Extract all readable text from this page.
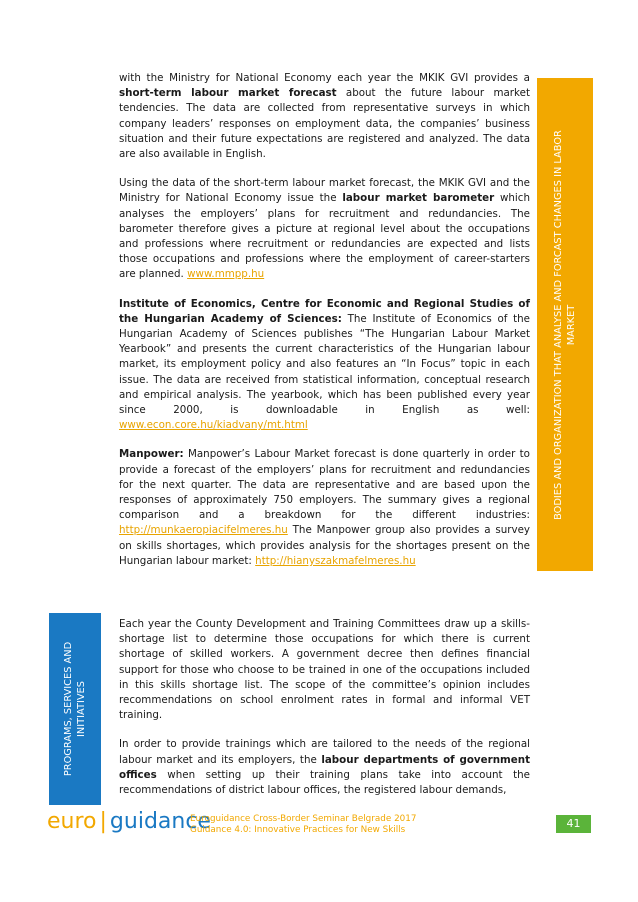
with the Ministry for National Economy each year the MKIK GVI provides a short-term labour market forecast about the future labour market tendencies. The data are collected from representative surveys in which company leaders’ responses on employment data, the companies’ business situation and their future expectations are registered and analyzed. The data are also available in English.

Using the data of the short-term labour market forecast, the MKIK GVI and the Ministry for National Economy issue the labour market barometer which analyses the employers’ plans for recruitment and redundancies. The barometer therefore gives a picture at regional level about the occupations and professions where recruitment or redundancies are expected and lists those occupations and professions where the employment of career-starters are planned. www.mmpp.hu

Institute of Economics, Centre for Economic and Regional Studies of the Hungarian Academy of Sciences: The Institute of Economics of the Hungarian Academy of Sciences publishes “The Hungarian Labour Market Yearbook” and presents the current characteristics of the Hungarian labour market, its employment policy and also features an “In Focus” topic in each issue. The data are received from statistical information, conceptual research and empirical analysis. The yearbook, which has been published every year since 2000, is downloadable in English as well: www.econ.core.hu/kiadvany/mt.html

Manpower: Manpower’s Labour Market forecast is done quarterly in order to provide a forecast of the employers’ plans for recruitment and redundancies for the next quarter. The data are representative and are based upon the responses of approximately 750 employers. The summary gives a regional comparison and a breakdown for the different industries: http://munkaeropiacifelmeres.hu The Manpower group also provides a survey on skills shortages, which provides analysis for the shortages present on the Hungarian labour market: http://hianyszakmafelmeres.hu

BODIES AND ORGANIZATION THAT ANALYSE AND FORCAST CHANGES IN LABOR MARKET
PROGRAMS, SERVICES AND INITIATIVES

Each year the County Development and Training Committees draw up a skills-shortage list to determine those occupations for which there is current shortage of skilled workers. A government decree then defines financial support for those who choose to be trained in one of the occupations included in this skills shortage list. The scope of the committee’s opinion includes recommendations on school enrolment rates in formal and informal VET training.

In order to provide trainings which are tailored to the needs of the regional labour market and its employers, the labour departments of government offices when setting up their training plans take into account the recommendations of district labour offices, the registered labour demands,

euro | guidance
Euroguidance Cross-Border Seminar Belgrade 2017
Guidance 4.0: Innovative Practices for New Skills	41
